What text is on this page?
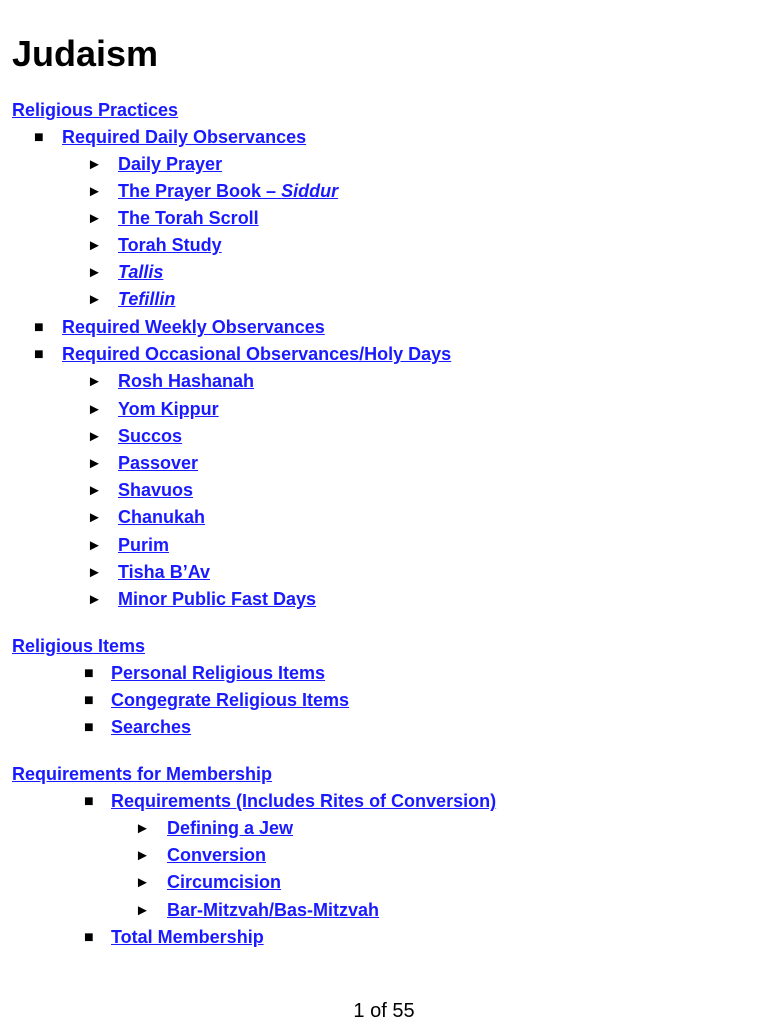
Judaism
Religious Practices
■ Required Daily Observances
► Daily Prayer
► The Prayer Book – Siddur
► The Torah Scroll
► Torah Study
► Tallis
► Tefillin
■ Required Weekly Observances
■ Required Occasional Observances/Holy Days
► Rosh Hashanah
► Yom Kippur
► Succos
► Passover
► Shavuos
► Chanukah
► Purim
► Tisha B’Av
► Minor Public Fast Days
Religious Items
■ Personal Religious Items
■ Congegrate Religious Items
■ Searches
Requirements for Membership
■ Requirements (Includes Rites of Conversion)
► Defining a Jew
► Conversion
► Circumcision
► Bar-Mitzvah/Bas-Mitzvah
■ Total Membership
1 of 55
